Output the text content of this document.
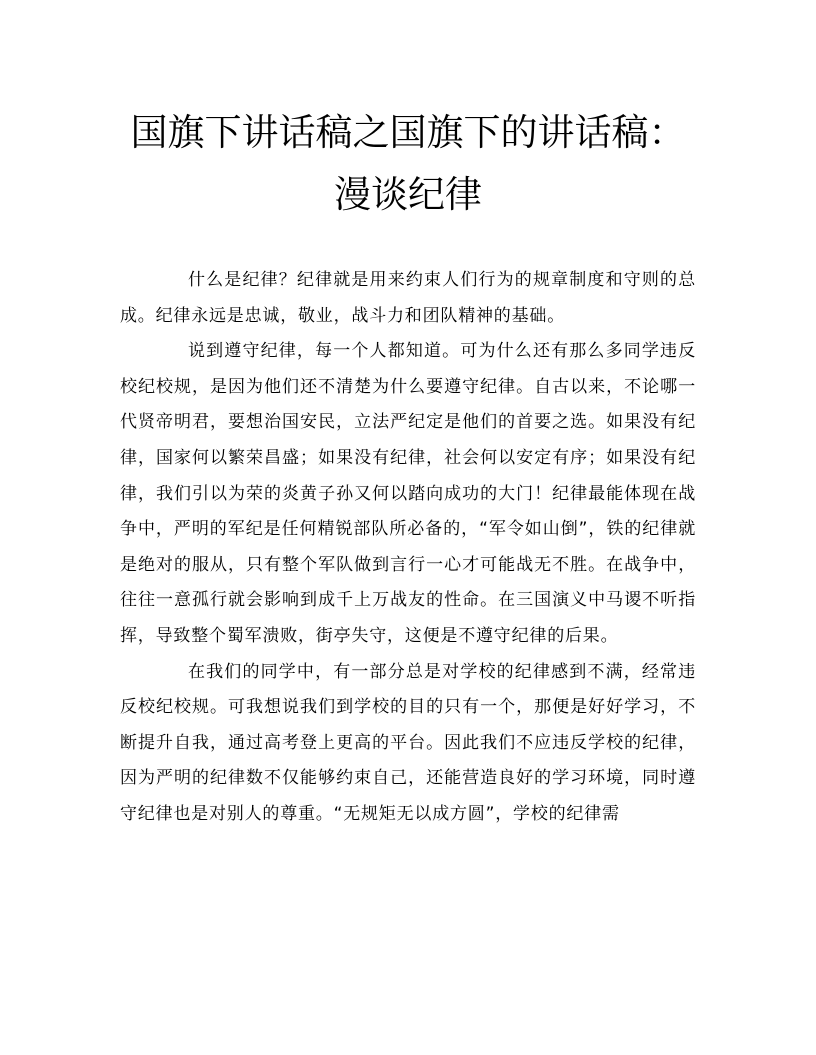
国旗下讲话稿之国旗下的讲话稿：漫谈纪律

什么是纪律？纪律就是用来约束人们行为的规章制度和守则的总成。纪律永远是忠诚，敬业，战斗力和团队精神的基础。

说到遵守纪律，每一个人都知道。可为什么还有那么多同学违反校纪校规，是因为他们还不清楚为什么要遵守纪律。自古以来，不论哪一代贤帝明君，要想治国安民，立法严纪定是他们的首要之选。如果没有纪律，国家何以繁荣昌盛；如果没有纪律，社会何以安定有序；如果没有纪律，我们引以为荣的炎黄子孙又何以踏向成功的大门！纪律最能体现在战争中，严明的军纪是任何精锐部队所必备的，“军令如山倒”，铁的纪律就是绝对的服从，只有整个军队做到言行一心才可能战无不胜。在战争中，往往一意孤行就会影响到成千上万战友的性命。在三国演义中马谡不听指挥，导致整个蜀军溃败，街亭失守，这便是不遵守纪律的后果。

在我们的同学中，有一部分总是对学校的纪律感到不满，经常违反校纪校规。可我想说我们到学校的目的只有一个，那便是好好学习，不断提升自我，通过高考登上更高的平台。因此我们不应违反学校的纪律，因为严明的纪律数不仅能够约束自己，还能营造良好的学习环境，同时遵守纪律也是对别人的尊重。“无规矩无以成方圆”，学校的纪律需
